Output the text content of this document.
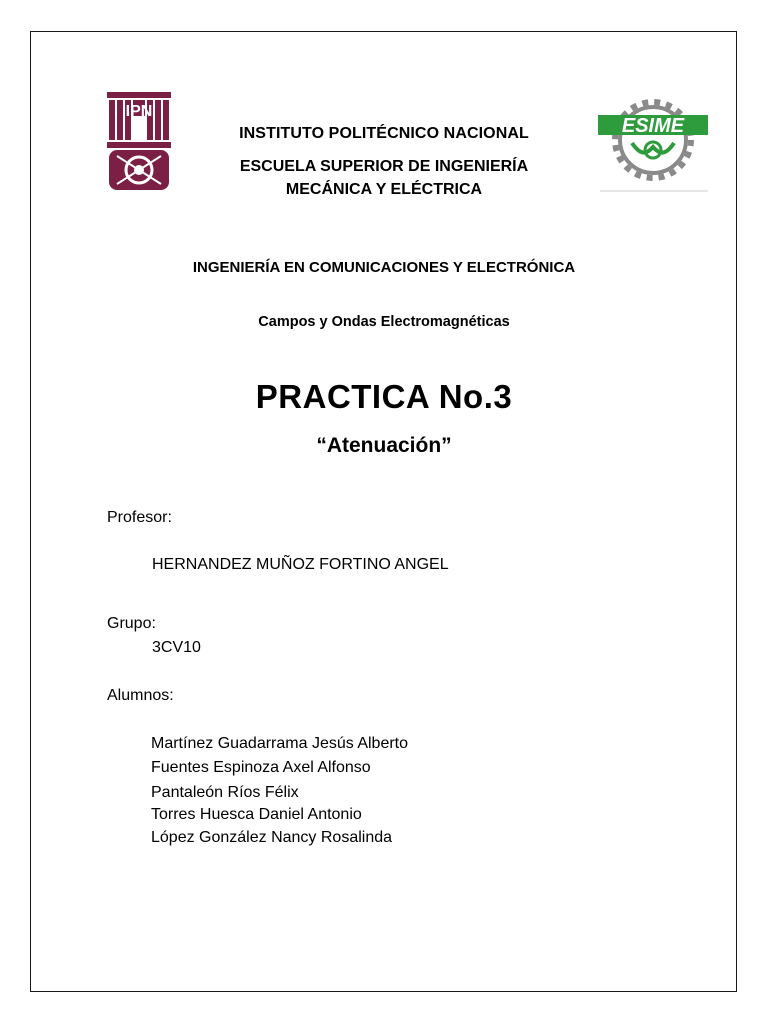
IPN
ESIME
INSTITUTO POLITÉCNICO NACIONAL
ESCUELA SUPERIOR DE INGENIERÍA
MECÁNICA Y ELÉCTRICA
INGENIERÍA EN COMUNICACIONES Y ELECTRÓNICA
Campos y Ondas Electromagnéticas
PRACTICA No.3
“Atenuación”
Profesor:
HERNANDEZ MUÑOZ FORTINO ANGEL
Grupo:
3CV10
Alumnos:
Martínez Guadarrama Jesús Alberto
Fuentes Espinoza Axel Alfonso
Pantaleón Ríos Félix
Torres Huesca Daniel Antonio
López González Nancy Rosalinda
